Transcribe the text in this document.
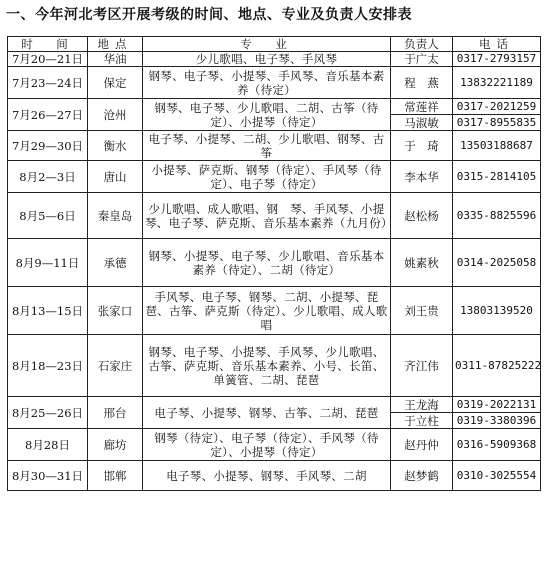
一、今年河北考区开展考级的时间、地点、专业及负责人安排表
时　间	地点	专　业	负责人	电话
7月20—21日	华油	少儿歌唱、电子琴、手风琴	于广太	0317-2793157
7月23—24日	保定	钢琴、电子琴、小提琴、手风琴、音乐基本素养（待定）	程　燕	13832221189
7月26—27日	沧州	钢琴、电子琴、少儿歌唱、二胡、古筝（待定）、小提琴（待定）	常莲祥	0317-2021259
			马淑敏	0317-8955835
7月29—30日	衡水	电子琴、小提琴、二胡、少儿歌唱、钢琴、古筝	于　琦	13503188687
8月2—3日	唐山	小提琴、萨克斯、钢琴（待定）、手风琴（待定）、电子琴（待定）	李本华	0315-2814105
8月5—6日	秦皇岛	少儿歌唱、成人歌唱、钢　琴、手风琴、小提琴、电子琴、萨克斯、音乐基本素养（九月份）	赵松杨	0335-8825596
8月9—11日	承德	钢琴、小提琴、电子琴、少儿歌唱、音乐基本素养（待定）、二胡（待定）	姚素秋	0314-2025058
8月13—15日	张家口	手风琴、电子琴、钢琴、二胡、小提琴、琵琶、古筝、萨克斯（待定）、少儿歌唱、成人歌唱	刘王贵	13803139520
8月18—23日	石家庄	钢琴、电子琴、小提琴、手风琴、少儿歌唱、古筝、萨克斯、音乐基本素养、小号、长笛、单簧管、二胡、琵琶	齐江伟	0311-87825222
8月25—26日	邢台	电子琴、小提琴、钢琴、古筝、二胡、琵琶	王龙海	0319-2022131
			于立柱	0319-3380396
8月28日	廊坊	钢琴（待定）、电子琴（待定）、手风琴（待定）、小提琴（待定）	赵丹仲	0316-5909368
8月30—31日	邯郸	电子琴、小提琴、钢琴、手风琴、二胡	赵梦鹤	0310-3025554
